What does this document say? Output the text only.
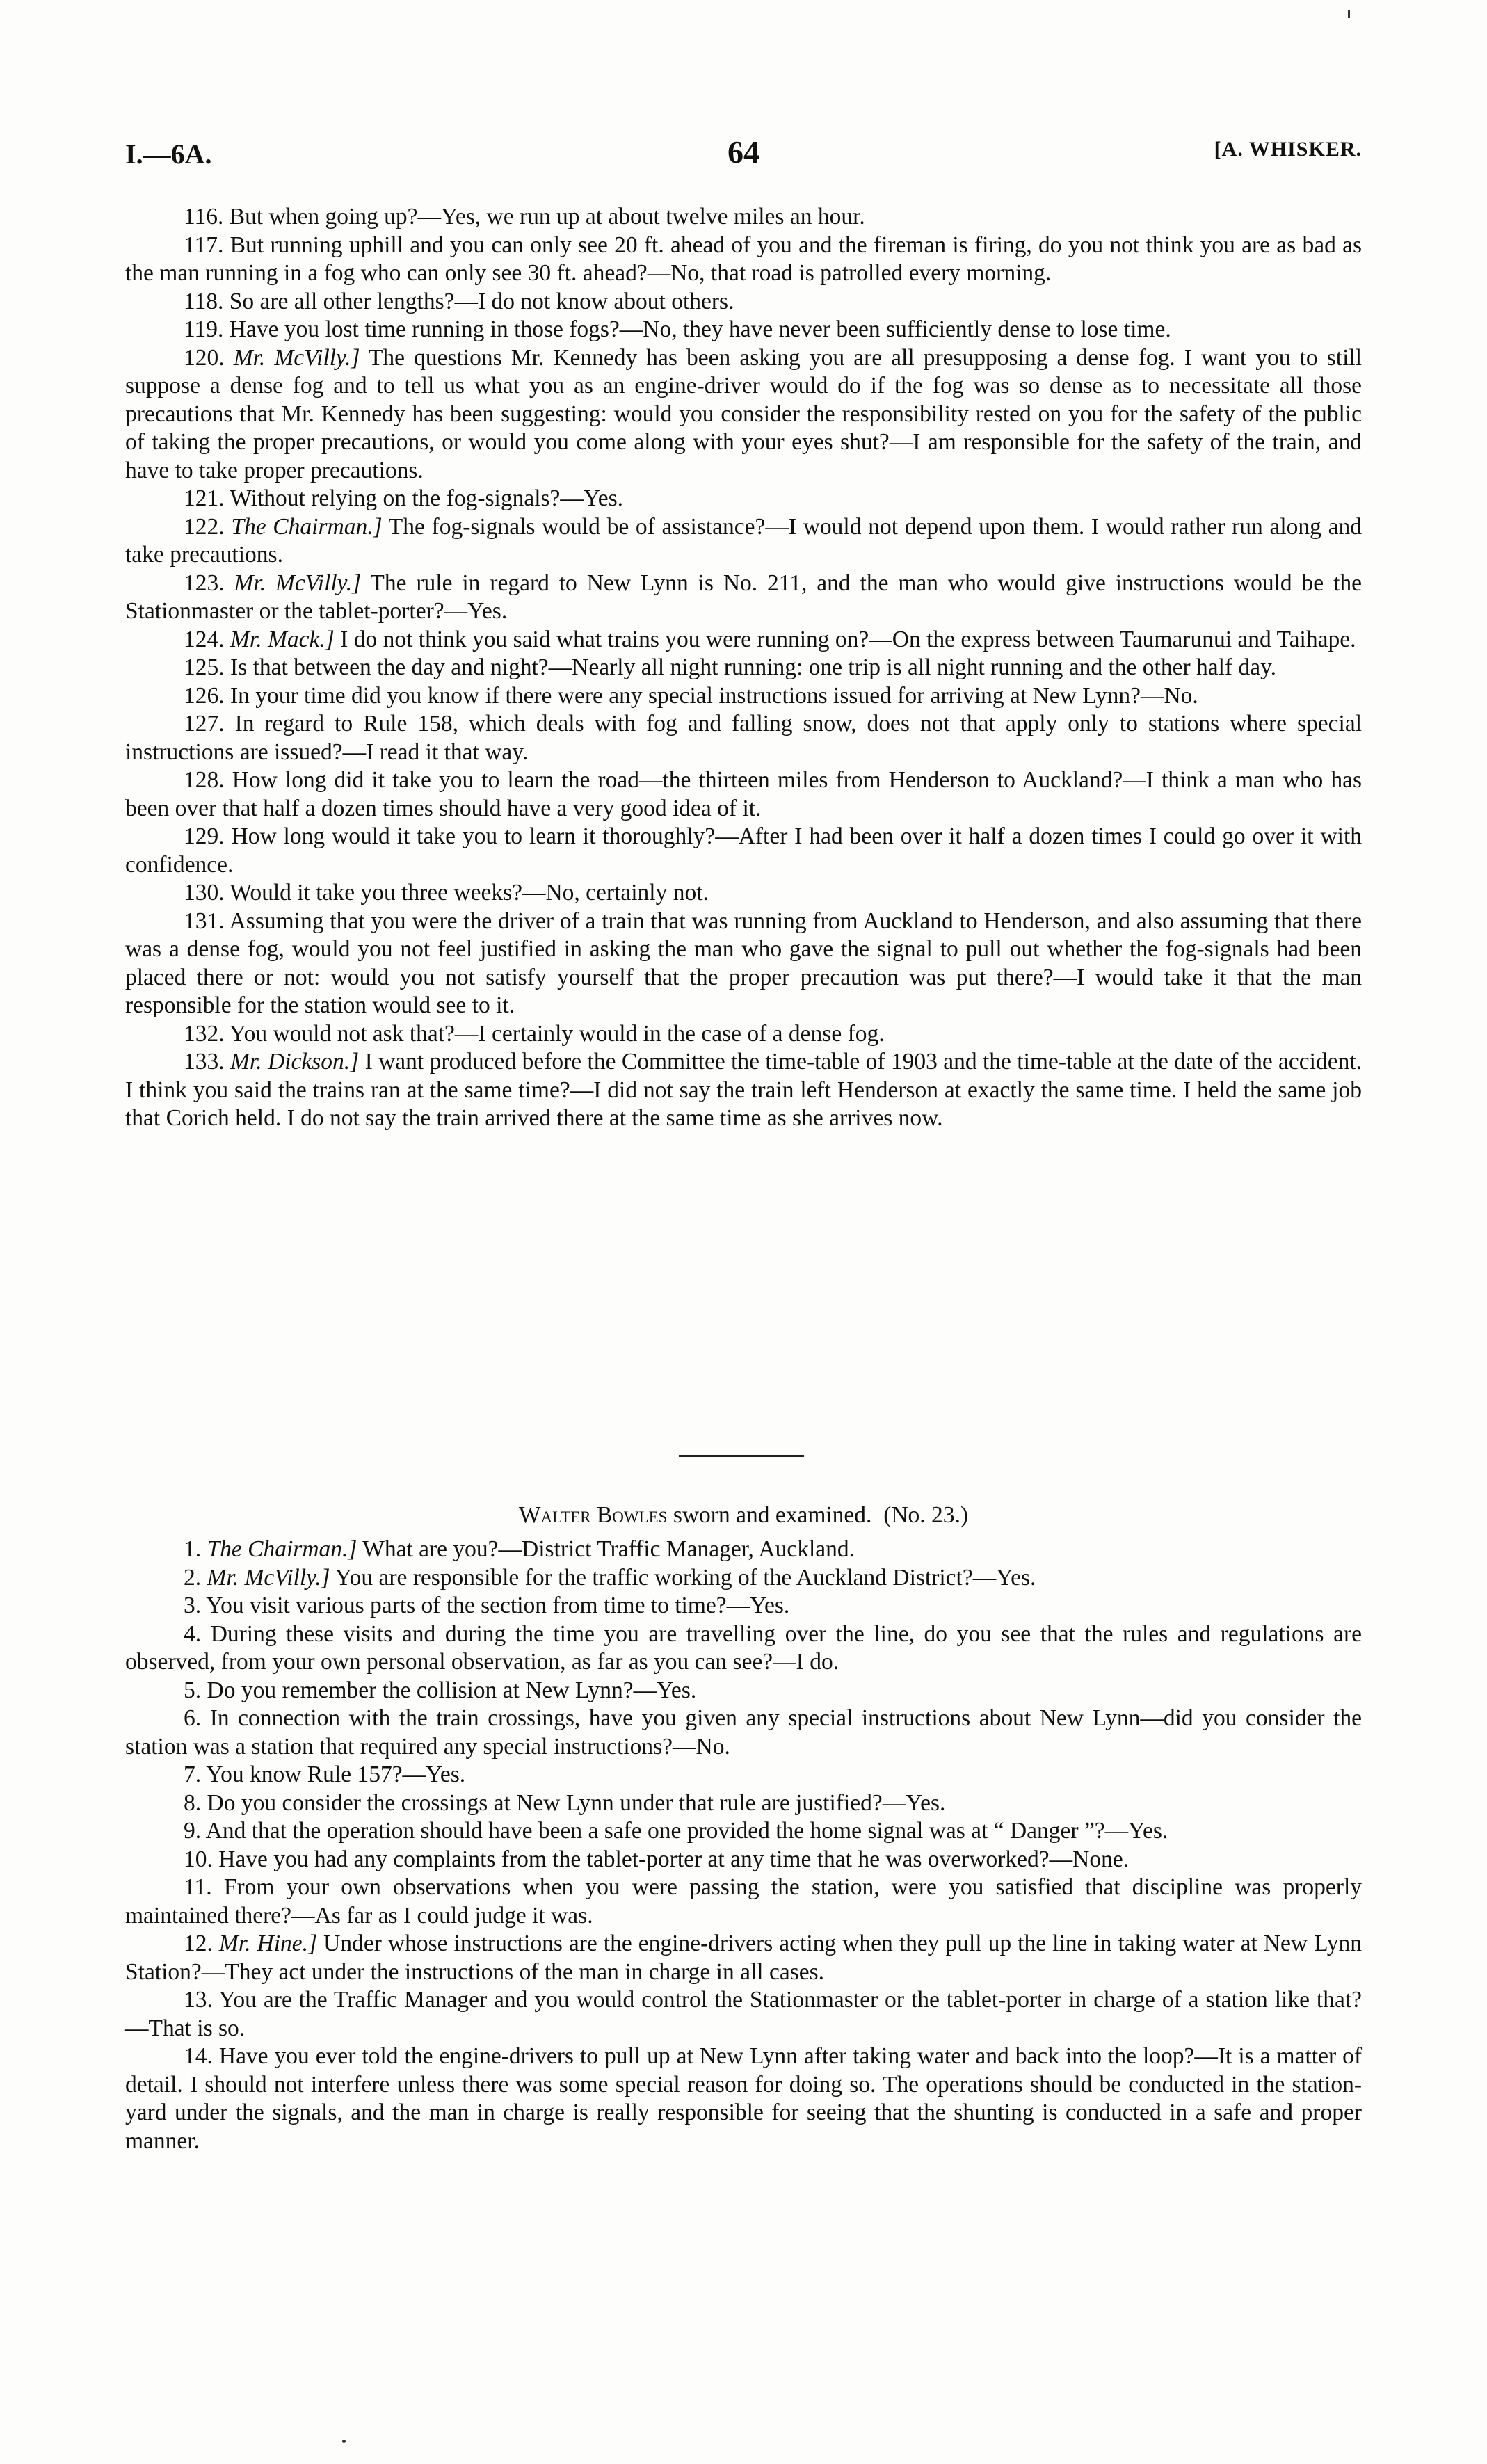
I.—6A.	64	[A. WHISKER.

116. But when going up?—Yes, we run up at about twelve miles an hour.

117. But running uphill and you can only see 20 ft. ahead of you and the fireman is firing, do you not think you are as bad as the man running in a fog who can only see 30 ft. ahead?—No, that road is patrolled every morning.

118. So are all other lengths?—I do not know about others.

119. Have you lost time running in those fogs?—No, they have never been sufficiently dense to lose time.

120. Mr. McVilly.] The questions Mr. Kennedy has been asking you are all presupposing a dense fog. I want you to still suppose a dense fog and to tell us what you as an engine-driver would do if the fog was so dense as to necessitate all those precautions that Mr. Kennedy has been suggesting: would you consider the responsibility rested on you for the safety of the public of taking the proper precautions, or would you come along with your eyes shut?—I am responsible for the safety of the train, and have to take proper precautions.

121. Without relying on the fog-signals?—Yes.

122. The Chairman.] The fog-signals would be of assistance?—I would not depend upon them. I would rather run along and take precautions.

123. Mr. McVilly.] The rule in regard to New Lynn is No. 211, and the man who would give instructions would be the Stationmaster or the tablet-porter?—Yes.

124. Mr. Mack.] I do not think you said what trains you were running on?—On the express between Taumarunui and Taihape.

125. Is that between the day and night?—Nearly all night running: one trip is all night running and the other half day.

126. In your time did you know if there were any special instructions issued for arriving at New Lynn?—No.

127. In regard to Rule 158, which deals with fog and falling snow, does not that apply only to stations where special instructions are issued?—I read it that way.

128. How long did it take you to learn the road—the thirteen miles from Henderson to Auckland?—I think a man who has been over that half a dozen times should have a very good idea of it.

129. How long would it take you to learn it thoroughly?—After I had been over it half a dozen times I could go over it with confidence.

130. Would it take you three weeks?—No, certainly not.

131. Assuming that you were the driver of a train that was running from Auckland to Henderson, and also assuming that there was a dense fog, would you not feel justified in asking the man who gave the signal to pull out whether the fog-signals had been placed there or not: would you not satisfy yourself that the proper precaution was put there?—I would take it that the man responsible for the station would see to it.

132. You would not ask that?—I certainly would in the case of a dense fog.

133. Mr. Dickson.] I want produced before the Committee the time-table of 1903 and the time-table at the date of the accident. I think you said the trains ran at the same time?—I did not say the train left Henderson at exactly the same time. I held the same job that Corich held. I do not say the train arrived there at the same time as she arrives now.

Walter Bowles sworn and examined. (No. 23.)

1. The Chairman.] What are you?—District Traffic Manager, Auckland.

2. Mr. McVilly.] You are responsible for the traffic working of the Auckland District?—Yes.

3. You visit various parts of the section from time to time?—Yes.

4. During these visits and during the time you are travelling over the line, do you see that the rules and regulations are observed, from your own personal observation, as far as you can see?—I do.

5. Do you remember the collision at New Lynn?—Yes.

6. In connection with the train crossings, have you given any special instructions about New Lynn—did you consider the station was a station that required any special instructions?—No.

7. You know Rule 157?—Yes.

8. Do you consider the crossings at New Lynn under that rule are justified?—Yes.

9. And that the operation should have been a safe one provided the home signal was at “ Danger ”?—Yes.

10. Have you had any complaints from the tablet-porter at any time that he was overworked?—None.

11. From your own observations when you were passing the station, were you satisfied that discipline was properly maintained there?—As far as I could judge it was.

12. Mr. Hine.] Under whose instructions are the engine-drivers acting when they pull up the line in taking water at New Lynn Station?—They act under the instructions of the man in charge in all cases.

13. You are the Traffic Manager and you would control the Stationmaster or the tablet-porter in charge of a station like that?—That is so.

14. Have you ever told the engine-drivers to pull up at New Lynn after taking water and back into the loop?—It is a matter of detail. I should not interfere unless there was some special reason for doing so. The operations should be conducted in the station-yard under the signals, and the man in charge is really responsible for seeing that the shunting is conducted in a safe and proper manner.
